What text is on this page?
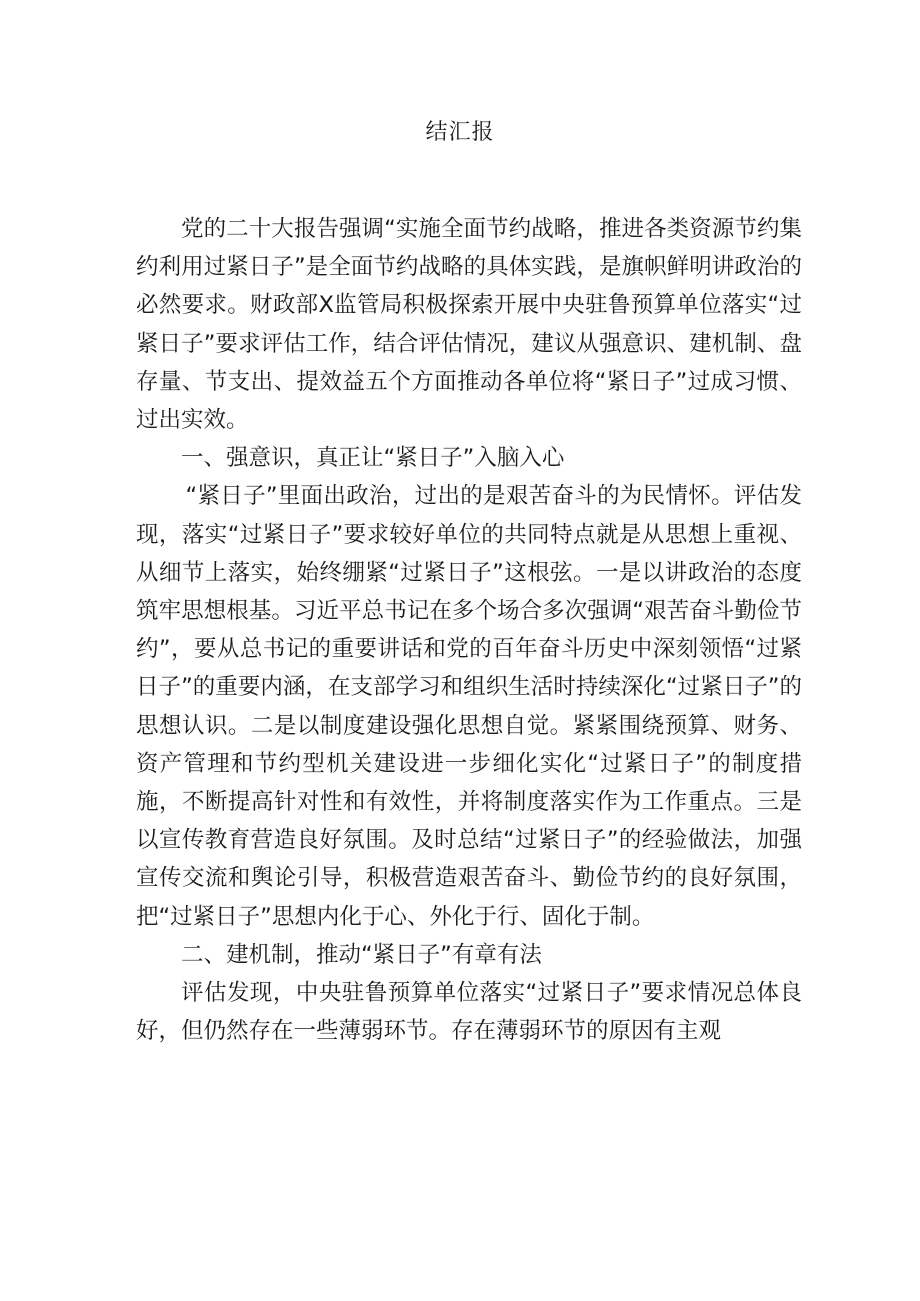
结汇报

党的二十大报告强调“实施全面节约战略，推进各类资源节约集约利用过紧日子”是全面节约战略的具体实践，是旗帜鲜明讲政治的必然要求。财政部X监管局积极探索开展中央驻鲁预算单位落实“过紧日子”要求评估工作，结合评估情况，建议从强意识、建机制、盘存量、节支出、提效益五个方面推动各单位将“紧日子”过成习惯、过出实效。

一、强意识，真正让“紧日子”入脑入心

“紧日子”里面出政治，过出的是艰苦奋斗的为民情怀。评估发现，落实“过紧日子”要求较好单位的共同特点就是从思想上重视、从细节上落实，始终绷紧“过紧日子”这根弦。一是以讲政治的态度筑牢思想根基。习近平总书记在多个场合多次强调“艰苦奋斗勤俭节约”，要从总书记的重要讲话和党的百年奋斗历史中深刻领悟“过紧日子”的重要内涵，在支部学习和组织生活时持续深化“过紧日子”的思想认识。二是以制度建设强化思想自觉。紧紧围绕预算、财务、资产管理和节约型机关建设进一步细化实化“过紧日子”的制度措施，不断提高针对性和有效性，并将制度落实作为工作重点。三是以宣传教育营造良好氛围。及时总结“过紧日子”的经验做法，加强宣传交流和舆论引导，积极营造艰苦奋斗、勤俭节约的良好氛围，把“过紧日子”思想内化于心、外化于行、固化于制。

二、建机制，推动“紧日子”有章有法

评估发现，中央驻鲁预算单位落实“过紧日子”要求情况总体良好，但仍然存在一些薄弱环节。存在薄弱环节的原因有主观
